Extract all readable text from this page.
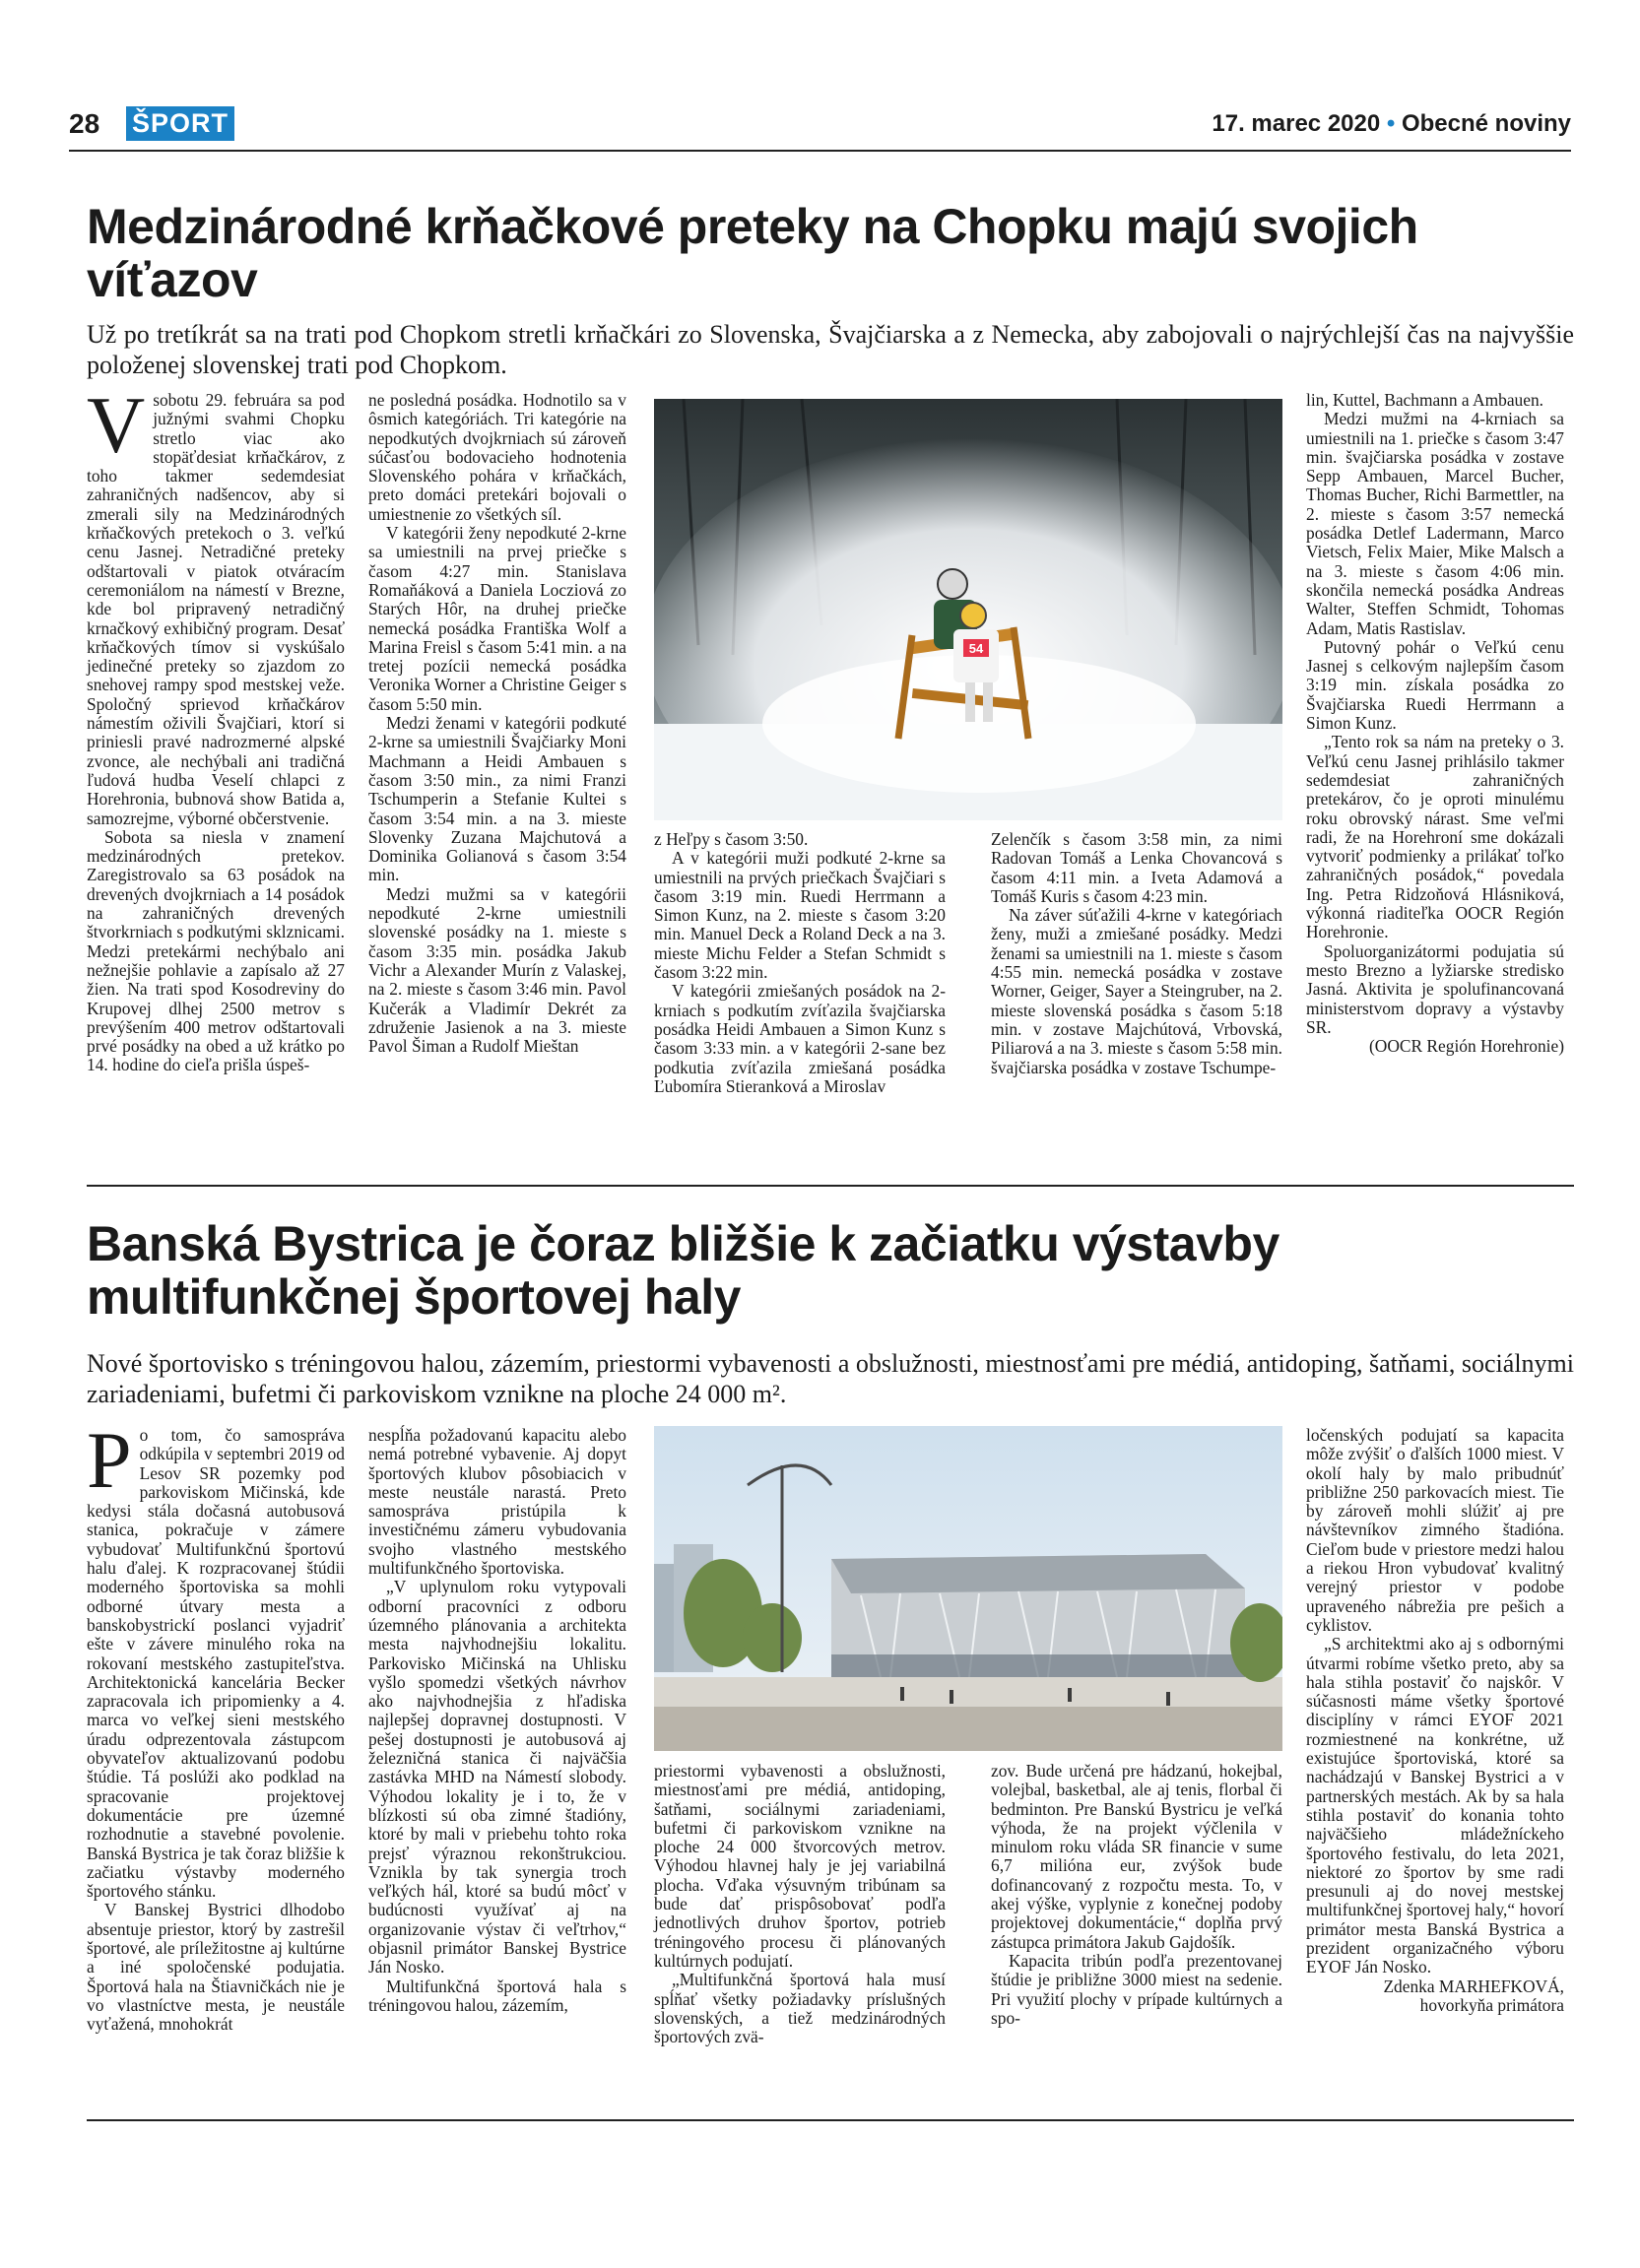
28 ŠPORT	17. marec 2020 • Obecné noviny
Medzinárodné krňačkové preteky na Chopku majú svojich víťazov

Už po tretíkrát sa na trati pod Chopkom stretli krňačkári zo Slovenska, Švajčiarska a z Nemecka, aby zabojovali o najrýchlejší čas na najvyššie položenej slovenskej trati pod Chopkom.

Vsobotu 29. februára sa pod južnými svahmi Chopku stretlo viac ako stopäťdesiat krňačkárov, z toho takmer sedemdesiat zahraničných nadšencov, aby si zmerali sily na Medzinárodných krňačkových pretekoch o 3. veľkú cenu Jasnej. Netradičné preteky odštartovali v piatok otváracím ceremoniálom na námestí v Brezne, kde bol pripravený netradičný krnačkový exhibičný program. Desať krňačkových tímov si vyskúšalo jedinečné preteky so zjazdom zo snehovej rampy spod mestskej veže. Spoločný sprievod krňačkárov námestím oživili Švajčiari, ktorí si priniesli pravé nadrozmerné alpské zvonce, ale nechýbali ani tradičná ľudová hudba Veselí chlapci z Horehronia, bubnová show Batida a, samozrejme, výborné občerstvenie.

Sobota sa niesla v znamení medzinárodných pretekov. Zaregistrovalo sa 63 posádok na drevených dvojkrniach a 14 posádok na zahraničných drevených štvorkrniach s podkutými sklznicami. Medzi pretekármi nechýbalo ani nežnejšie pohlavie a zapísalo až 27 žien. Na trati spod Kosodreviny do Krupovej dlhej 2500 metrov s prevýšením 400 metrov odštartovali prvé posádky na obed a už krátko po 14. hodine do cieľa prišla úspeš-

ne posledná posádka. Hodnotilo sa v ôsmich kategóriách. Tri kategórie na nepodkutých dvojkrniach sú zároveň súčasťou bodovacieho hodnotenia Slovenského pohára v krňačkách, preto domáci pretekári bojovali o umiestnenie zo všetkých síl.

V kategórii ženy nepodkuté 2-krne sa umiestnili na prvej priečke s časom 4:27 min. Stanislava Romaňáková a Daniela Locziová zo Starých Hôr, na druhej priečke nemecká posádka Františka Wolf a Marina Freisl s časom 5:41 min. a na tretej pozícii nemecká posádka Veronika Worner a Christine Geiger s časom 5:50 min.

Medzi ženami v kategórii podkuté 2-krne sa umiestnili Švajčiarky Moni Machmann a Heidi Ambauen s časom 3:50 min., za nimi Franzi Tschumperin a Stefanie Kultei s časom 3:54 min. a na 3. mieste Slovenky Zuzana Majchutová a Dominika Golianová s časom 3:54 min.

Medzi mužmi sa v kategórii nepodkuté 2-krne umiestnili slovenské posádky na 1. mieste s časom 3:35 min. posádka Jakub Vichr a Alexander Murín z Valaskej, na 2. mieste s časom 3:46 min. Pavol Kučerák a Vladimír Dekrét za združenie Jasienok a na 3. mieste Pavol Šiman a Rudolf Mieštan

54

z Heľpy s časom 3:50.

A v kategórii muži podkuté 2-krne sa umiestnili na prvých priečkach Švajčiari s časom 3:19 min. Ruedi Herrmann a Simon Kunz, na 2. mieste s časom 3:20 min. Manuel Deck a Roland Deck a na 3. mieste Michu Felder a Stefan Schmidt s časom 3:22 min.

V kategórii zmiešaných posádok na 2-krniach s podkutím zvíťazila švajčiarska posádka Heidi Ambauen a Simon Kunz s časom 3:33 min. a v kategórii 2-sane bez podkutia zvíťazila zmiešaná posádka Ľubomíra Stieranková a Miroslav

Zelenčík s časom 3:58 min, za nimi Radovan Tomáš a Lenka Chovancová s časom 4:11 min. a Iveta Adamová a Tomáš Kuris s časom 4:23 min.

Na záver súťažili 4-krne v kategóriach ženy, muži a zmiešané posádky. Medzi ženami sa umiestnili na 1. mieste s časom 4:55 min. nemecká posádka v zostave Worner, Geiger, Sayer a Steingruber, na 2. mieste slovenská posádka s časom 5:18 min. v zostave Majchútová, Vrbovská, Piliarová a na 3. mieste s časom 5:58 min. švajčiarska posádka v zostave Tschumpe-

lin, Kuttel, Bachmann a Ambauen.

Medzi mužmi na 4-krniach sa umiestnili na 1. priečke s časom 3:47 min. švajčiarska posádka v zostave Sepp Ambauen, Marcel Bucher, Thomas Bucher, Richi Barmettler, na 2. mieste s časom 3:57 nemecká posádka Detlef Ladermann, Marco Vietsch, Felix Maier, Mike Malsch a na 3. mieste s časom 4:06 min. skončila nemecká posádka Andreas Walter, Steffen Schmidt, Tohomas Adam, Matis Rastislav.

Putovný pohár o Veľkú cenu Jasnej s celkovým najlepším časom 3:19 min. získala posádka zo Švajčiarska Ruedi Herrmann a Simon Kunz.

„Tento rok sa nám na preteky o 3. Veľkú cenu Jasnej prihlásilo takmer sedemdesiat zahraničných pretekárov, čo je oproti minulému roku obrovský nárast. Sme veľmi radi, že na Horehroní sme dokázali vytvoriť podmienky a prilákať toľko zahraničných posádok,“ povedala Ing. Petra Ridzoňová Hlásniková, výkonná riaditeľka OOCR Región Horehronie.

Spoluorganizátormi podujatia sú mesto Brezno a lyžiarske stredisko Jasná. Aktivita je spolufinancovaná ministerstvom dopravy a výstavby SR.

(OOCR Región Horehronie)

Banská Bystrica je čoraz bližšie k začiatku výstavby multifunkčnej športovej haly

Nové športovisko s tréningovou halou, zázemím, priestormi vybavenosti a obslužnosti, miestnosťami pre médiá, antidoping, šatňami, sociálnymi zariadeniami, bufetmi či parkoviskom vznikne na ploche 24 000 m².

Po tom, čo samospráva odkúpila v septembri 2019 od Lesov SR pozemky pod parkoviskom Mičinská, kde kedysi stála dočasná autobusová stanica, pokračuje v zámere vybudovať Multifunkčnú športovú halu ďalej. K rozpracovanej štúdii moderného športoviska sa mohli odborné útvary mesta a banskobystrickí poslanci vyjadriť ešte v závere minulého roka na rokovaní mestského zastupiteľstva. Architektonická kancelária Becker zapracovala ich pripomienky a 4. marca vo veľkej sieni mestského úradu odprezentovala zástupcom obyvateľov aktualizovanú podobu štúdie. Tá poslúži ako podklad na spracovanie projektovej dokumentácie pre územné rozhodnutie a stavebné povolenie. Banská Bystrica je tak čoraz bližšie k začiatku výstavby moderného športového stánku.

V Banskej Bystrici dlhodobo absentuje priestor, ktorý by zastrešil športové, ale príležitostne aj kultúrne a iné spoločenské podujatia. Športová hala na Štiavničkách nie je vo vlastníctve mesta, je neustále vyťažená, mnohokrát

nespĺňa požadovanú kapacitu alebo nemá potrebné vybavenie. Aj dopyt športových klubov pôsobiacich v meste neustále narastá. Preto samospráva pristúpila k investičnému zámeru vybudovania svojho vlastného mestského multifunkčného športoviska.

„V uplynulom roku vytypovali odborní pracovníci z odboru územného plánovania a architekta mesta najvhodnejšiu lokalitu. Parkovisko Mičinská na Uhlisku vyšlo spomedzi všetkých návrhov ako najvhodnejšia z hľadiska najlepšej dopravnej dostupnosti. V pešej dostupnosti je autobusová aj železničná stanica či najväčšia zastávka MHD na Námestí slobody. Výhodou lokality je i to, že v blízkosti sú oba zimné štadióny, ktoré by mali v priebehu tohto roka prejsť výraznou rekonštrukciou. Vznikla by tak synergia troch veľkých hál, ktoré sa budú môcť v budúcnosti využívať aj na organizovanie výstav či veľtrhov,“ objasnil primátor Banskej Bystrice Ján Nosko.

Multifunkčná športová hala s tréningovou halou, zázemím,

priestormi vybavenosti a obslužnosti, miestnosťami pre médiá, antidoping, šatňami, sociálnymi zariadeniami, bufetmi či parkoviskom vznikne na ploche 24 000 štvorcových metrov. Výhodou hlavnej haly je jej variabilná plocha. Vďaka výsuvným tribúnam sa bude dať prispôsobovať podľa jednotlivých druhov športov, potrieb tréningového procesu či plánovaných kultúrnych podujatí.

„Multifunkčná športová hala musí spĺňať všetky požiadavky príslušných slovenských, a tiež medzinárodných športových zvä-

zov. Bude určená pre hádzanú, hokejbal, volejbal, basketbal, ale aj tenis, florbal či bedminton. Pre Banskú Bystricu je veľká výhoda, že na projekt výčlenila v minulom roku vláda SR financie v sume 6,7 milióna eur, zvýšok bude dofinancovaný z rozpočtu mesta. To, v akej výške, vyplynie z konečnej podoby projektovej dokumentácie,“ doplňa prvý zástupca primátora Jakub Gajdošík.

Kapacita tribún podľa prezentovanej štúdie je približne 3000 miest na sedenie. Pri využití plochy v prípade kultúrnych a spo-

ločenských podujatí sa kapacita môže zvýšiť o ďalších 1000 miest. V okolí haly by malo pribudnúť približne 250 parkovacích miest. Tie by zároveň mohli slúžiť aj pre návštevníkov zimného štadióna. Cieľom bude v priestore medzi halou a riekou Hron vybudovať kvalitný verejný priestor v podobe upraveného nábrežia pre pešich a cyklistov.

„S architektmi ako aj s odbornými útvarmi robíme všetko preto, aby sa hala stihla postaviť čo najskôr. V súčasnosti máme všetky športové disciplíny v rámci EYOF 2021 rozmiestnené na konkrétne, už existujúce športoviská, ktoré sa nachádzajú v Banskej Bystrici a v partnerských mestách. Ak by sa hala stihla postaviť do konania tohto najväčšieho mládežníckeho športového festivalu, do leta 2021, niektoré zo športov by sme radi presunuli aj do novej mestskej multifunkčnej športovej haly,“ hovorí primátor mesta Banská Bystrica a prezident organizačného výboru EYOF Ján Nosko.

Zdenka MARHEFKOVÁ,

hovorkyňa primátora
